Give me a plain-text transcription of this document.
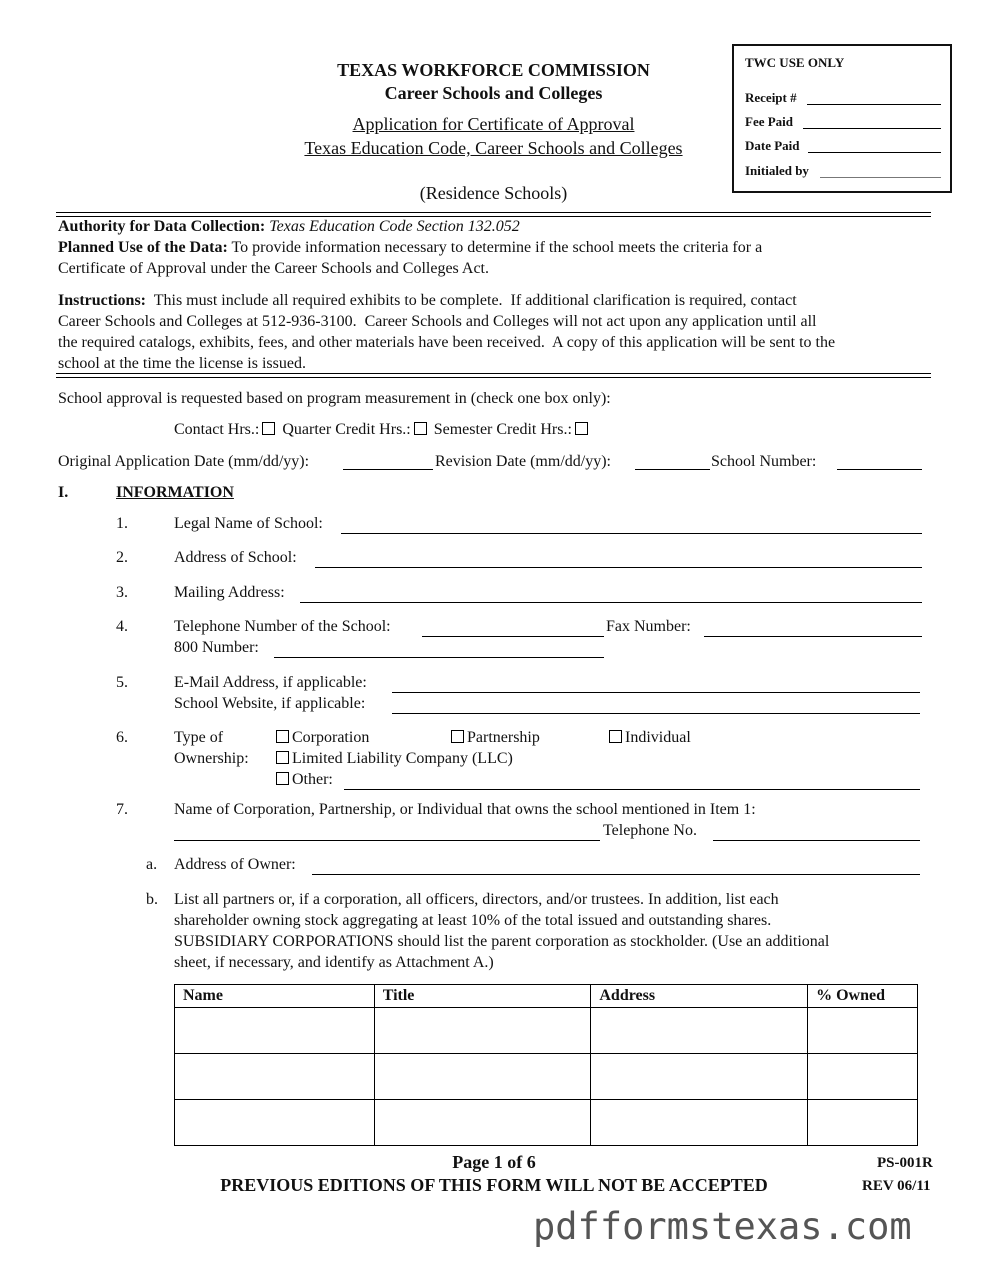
TWC USE ONLY
Receipt #
Fee Paid
Date Paid
Initialed by
TEXAS WORKFORCE COMMISSION
Career Schools and Colleges
Application for Certificate of Approval
Texas Education Code, Career Schools and Colleges
(Residence Schools)
Authority for Data Collection: Texas Education Code Section 132.052
Planned Use of the Data: To provide information necessary to determine if the school meets the criteria for a
Certificate of Approval under the Career Schools and Colleges Act.
Instructions: This must include all required exhibits to be complete.  If additional clarification is required, contact
Career Schools and Colleges at 512-936-3100.  Career Schools and Colleges will not act upon any application until all
the required catalogs, exhibits, fees, and other materials have been received.  A copy of this application will be sent to the
school at the time the license is issued.
School approval is requested based on program measurement in (check one box only):
Contact Hrs.: Quarter Credit Hrs.: Semester Credit Hrs.:
Original Application Date (mm/dd/yy):	Revision Date (mm/dd/yy):	School Number:
I.	INFORMATION
1.	Legal Name of School:
2.	Address of School:
3.	Mailing Address:
4.	Telephone Number of the School:	Fax Number:
800 Number:
5.	E-Mail Address, if applicable:
School Website, if applicable:
6.	Type of
Ownership:
Corporation	Partnership	Individual
Limited Liability Company (LLC)
Other:
7.	Name of Corporation, Partnership, or Individual that owns the school mentioned in Item 1:
Telephone No.
a. Address of Owner:
b. List all partners or, if a corporation, all officers, directors, and/or trustees. In addition, list each
shareholder owning stock aggregating at least 10% of the total issued and outstanding shares.
SUBSIDIARY CORPORATIONS should list the parent corporation as stockholder. (Use an additional
sheet, if necessary, and identify as Attachment A.)
Name	Title	Address	% Owned

Page 1 of 6
PREVIOUS EDITIONS OF THIS FORM WILL NOT BE ACCEPTED
PS-001R
REV 06/11
pdfformstexas.com
